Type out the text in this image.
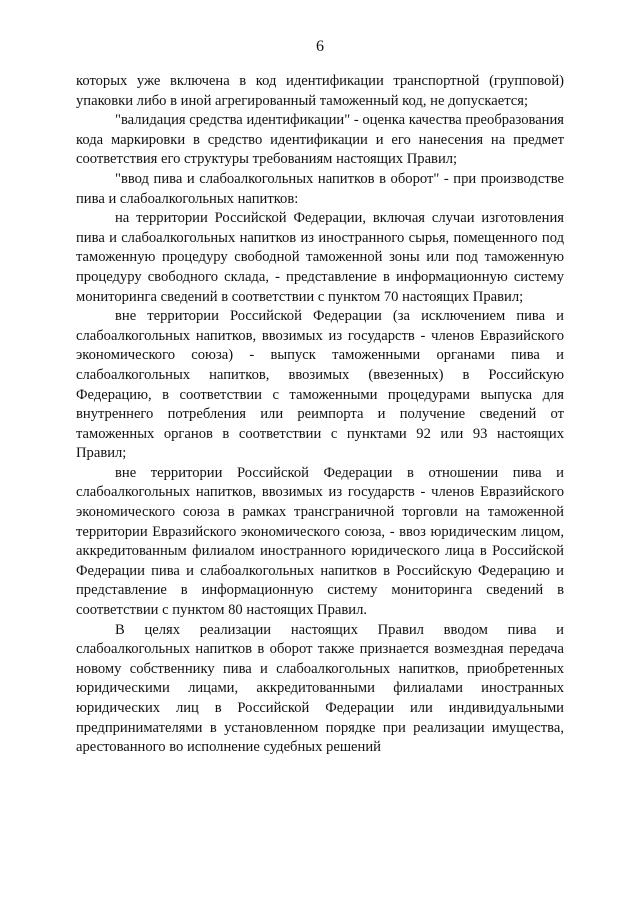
6

которых уже включена в код идентификации транспортной (групповой) упаковки либо в иной агрегированный таможенный код, не допускается;

"валидация средства идентификации" - оценка качества преобразования кода маркировки в средство идентификации и его нанесения на предмет соответствия его структуры требованиям настоящих Правил;

"ввод пива и слабоалкогольных напитков в оборот" - при производстве пива и слабоалкогольных напитков:

на территории Российской Федерации, включая случаи изготовления пива и слабоалкогольных напитков из иностранного сырья, помещенного под таможенную процедуру свободной таможенной зоны или под таможенную процедуру свободного склада, - представление в информационную систему мониторинга сведений в соответствии с пунктом 70 настоящих Правил;

вне территории Российской Федерации (за исключением пива и слабоалкогольных напитков, ввозимых из государств - членов Евразийского экономического союза) - выпуск таможенными органами пива и слабоалкогольных напитков, ввозимых (ввезенных) в Российскую Федерацию, в соответствии с таможенными процедурами выпуска для внутреннего потребления или реимпорта и получение сведений от таможенных органов в соответствии с пунктами 92 или 93 настоящих Правил;

вне территории Российской Федерации в отношении пива и слабоалкогольных напитков, ввозимых из государств - членов Евразийского экономического союза в рамках трансграничной торговли на таможенной территории Евразийского экономического союза, - ввоз юридическим лицом, аккредитованным филиалом иностранного юридического лица в Российской Федерации пива и слабоалкогольных напитков в Российскую Федерацию и представление в информационную систему мониторинга сведений в соответствии с пунктом 80 настоящих Правил.

В целях реализации настоящих Правил вводом пива и слабоалкогольных напитков в оборот также признается возмездная передача новому собственнику пива и слабоалкогольных напитков, приобретенных юридическими лицами, аккредитованными филиалами иностранных юридических лиц в Российской Федерации или индивидуальными предпринимателями в установленном порядке при реализации имущества, арестованного во исполнение судебных решений
